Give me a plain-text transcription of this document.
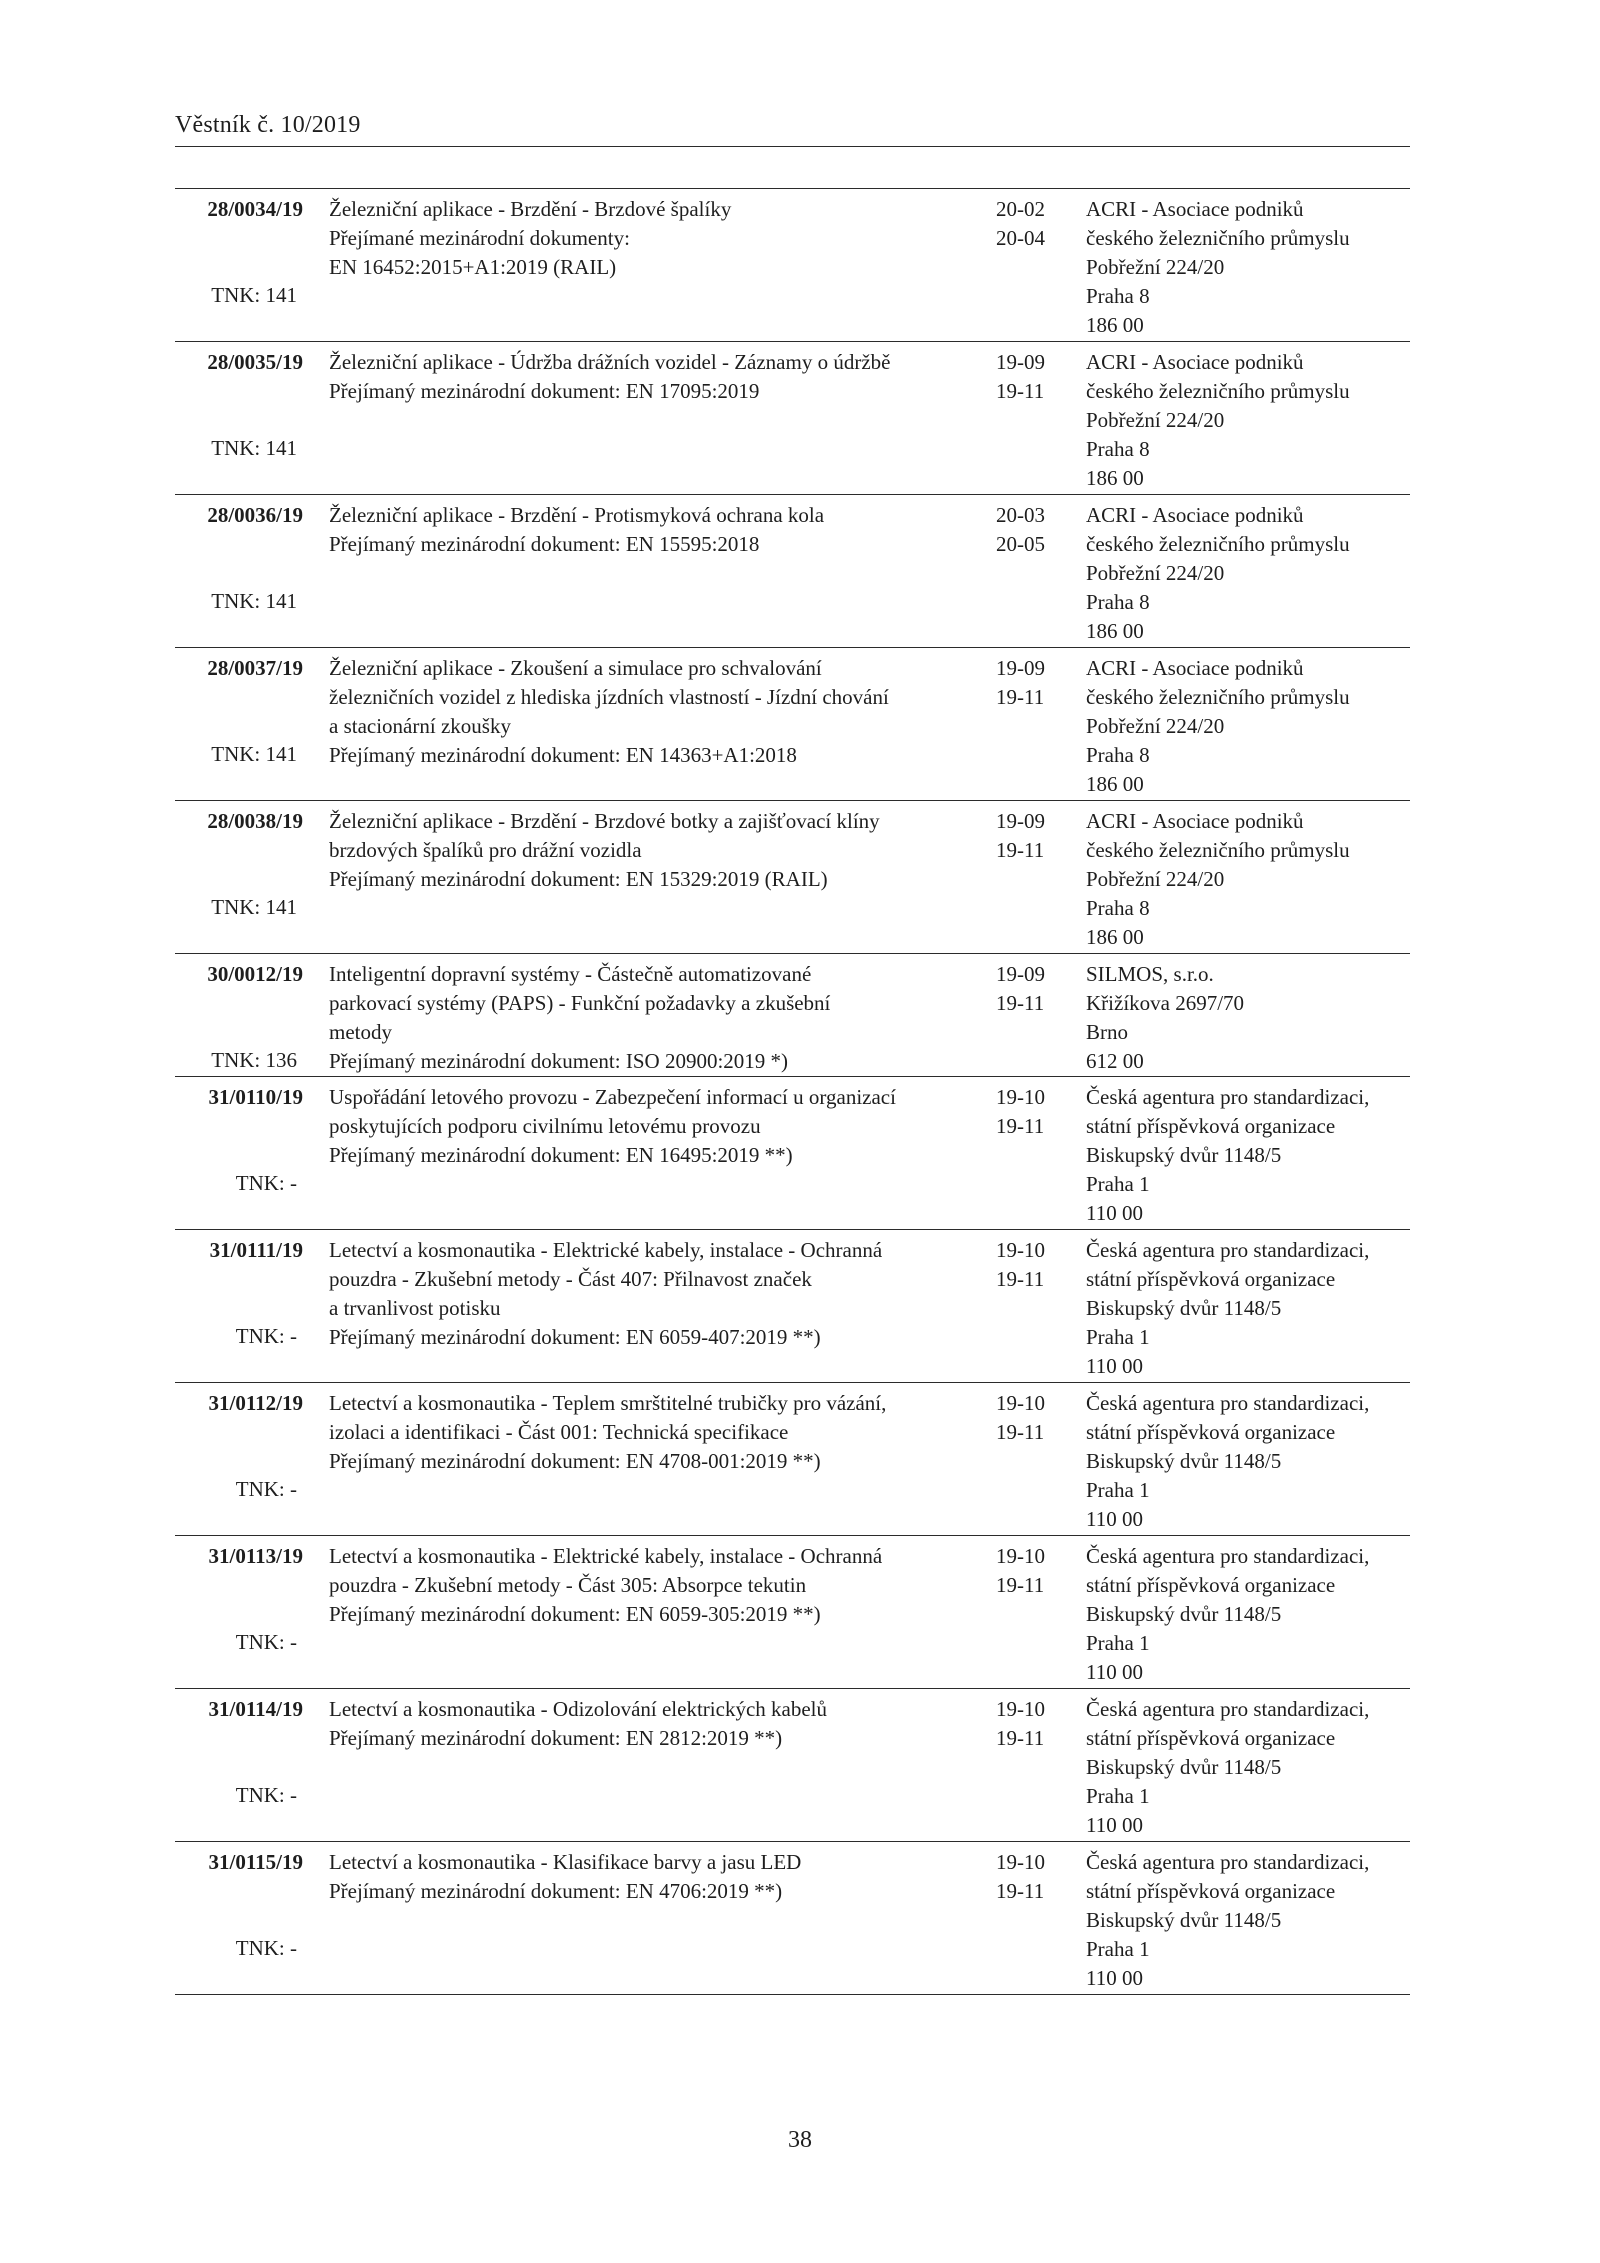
Věstník č. 10/2019
28/0034/19
TNK: 141
Železniční aplikace - Brzdění - Brzdové špalíky
Přejímané mezinárodní dokumenty:
EN 16452:2015+A1:2019 (RAIL)
20-02
20-04
ACRI - Asociace podniků
českého železničního průmyslu
Pobřežní 224/20
Praha 8
186 00
28/0035/19
TNK: 141
Železniční aplikace - Údržba drážních vozidel - Záznamy o údržbě
Přejímaný mezinárodní dokument: EN 17095:2019
19-09
19-11
ACRI - Asociace podniků
českého železničního průmyslu
Pobřežní 224/20
Praha 8
186 00
28/0036/19
TNK: 141
Železniční aplikace - Brzdění - Protismyková ochrana kola
Přejímaný mezinárodní dokument: EN 15595:2018
20-03
20-05
ACRI - Asociace podniků
českého železničního průmyslu
Pobřežní 224/20
Praha 8
186 00
28/0037/19
TNK: 141
Železniční aplikace - Zkoušení a simulace pro schvalování
železničních vozidel z hlediska jízdních vlastností - Jízdní chování
a stacionární zkoušky
Přejímaný mezinárodní dokument: EN 14363+A1:2018
19-09
19-11
ACRI - Asociace podniků
českého železničního průmyslu
Pobřežní 224/20
Praha 8
186 00
28/0038/19
TNK: 141
Železniční aplikace - Brzdění - Brzdové botky a zajišťovací klíny
brzdových špalíků pro drážní vozidla
Přejímaný mezinárodní dokument: EN 15329:2019 (RAIL)
19-09
19-11
ACRI - Asociace podniků
českého železničního průmyslu
Pobřežní 224/20
Praha 8
186 00
30/0012/19
TNK: 136
Inteligentní dopravní systémy - Částečně automatizované
parkovací systémy (PAPS) - Funkční požadavky a zkušební
metody
Přejímaný mezinárodní dokument: ISO 20900:2019 *)
19-09
19-11
SILMOS, s.r.o.
Křižíkova 2697/70
Brno
612 00
31/0110/19
TNK: -
Uspořádání letového provozu - Zabezpečení informací u organizací
poskytujících podporu civilnímu letovému provozu
Přejímaný mezinárodní dokument: EN 16495:2019 **)
19-10
19-11
Česká agentura pro standardizaci,
státní příspěvková organizace
Biskupský dvůr 1148/5
Praha 1
110 00
31/0111/19
TNK: -
Letectví a kosmonautika - Elektrické kabely, instalace - Ochranná
pouzdra - Zkušební metody - Část 407: Přilnavost značek
a trvanlivost potisku
Přejímaný mezinárodní dokument: EN 6059-407:2019 **)
19-10
19-11
Česká agentura pro standardizaci,
státní příspěvková organizace
Biskupský dvůr 1148/5
Praha 1
110 00
31/0112/19
TNK: -
Letectví a kosmonautika - Teplem smrštitelné trubičky pro vázání,
izolaci a identifikaci - Část 001: Technická specifikace
Přejímaný mezinárodní dokument: EN 4708-001:2019 **)
19-10
19-11
Česká agentura pro standardizaci,
státní příspěvková organizace
Biskupský dvůr 1148/5
Praha 1
110 00
31/0113/19
TNK: -
Letectví a kosmonautika - Elektrické kabely, instalace - Ochranná
pouzdra - Zkušební metody - Část 305: Absorpce tekutin
Přejímaný mezinárodní dokument: EN 6059-305:2019 **)
19-10
19-11
Česká agentura pro standardizaci,
státní příspěvková organizace
Biskupský dvůr 1148/5
Praha 1
110 00
31/0114/19
TNK: -
Letectví a kosmonautika - Odizolování elektrických kabelů
Přejímaný mezinárodní dokument: EN 2812:2019 **)
19-10
19-11
Česká agentura pro standardizaci,
státní příspěvková organizace
Biskupský dvůr 1148/5
Praha 1
110 00
31/0115/19
TNK: -
Letectví a kosmonautika - Klasifikace barvy a jasu LED
Přejímaný mezinárodní dokument: EN 4706:2019 **)
19-10
19-11
Česká agentura pro standardizaci,
státní příspěvková organizace
Biskupský dvůr 1148/5
Praha 1
110 00
38
